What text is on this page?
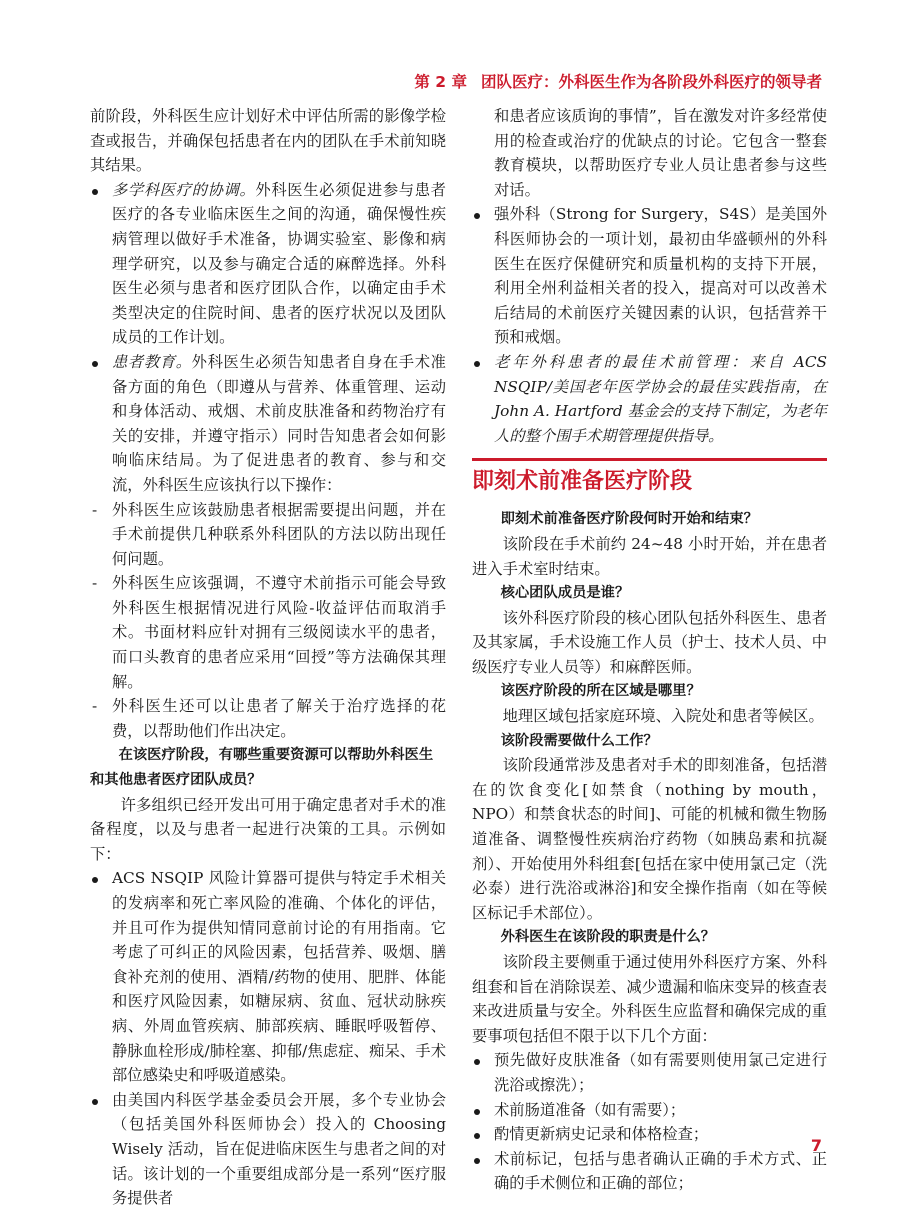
第 2 章 团队医疗：外科医生作为各阶段外科医疗的领导者

前阶段，外科医生应计划好术中评估所需的影像学检查或报告，并确保包括患者在内的团队在手术前知晓其结果。

多学科医疗的协调。外科医生必须促进参与患者医疗的各专业临床医生之间的沟通，确保慢性疾病管理以做好手术准备，协调实验室、影像和病理学研究，以及参与确定合适的麻醉选择。外科医生必须与患者和医疗团队合作，以确定由手术类型决定的住院时间、患者的医疗状况以及团队成员的工作计划。
患者教育。外科医生必须告知患者自身在手术准备方面的角色（即遵从与营养、体重管理、运动和身体活动、戒烟、术前皮肤准备和药物治疗有关的安排，并遵守指示）同时告知患者会如何影响临床结局。为了促进患者的教育、参与和交流，外科医生应该执行以下操作：
- 外科医生应该鼓励患者根据需要提出问题，并在手术前提供几种联系外科团队的方法以防出现任何问题。
- 外科医生应该强调，不遵守术前指示可能会导致外科医生根据情况进行风险-收益评估而取消手术。书面材料应针对拥有三级阅读水平的患者，而口头教育的患者应采用“回授”等方法确保其理解。
- 外科医生还可以让患者了解关于治疗选择的花费，以帮助他们作出决定。

在该医疗阶段，有哪些重要资源可以帮助外科医生和其他患者医疗团队成员？

许多组织已经开发出可用于确定患者对手术的准备程度，以及与患者一起进行决策的工具。示例如下：

ACS NSQIP 风险计算器可提供与特定手术相关的发病率和死亡率风险的准确、个体化的评估，并且可作为提供知情同意前讨论的有用指南。它考虑了可纠正的风险因素，包括营养、吸烟、膳食补充剂的使用、酒精/药物的使用、肥胖、体能和医疗风险因素，如糖尿病、贫血、冠状动脉疾病、外周血管疾病、肺部疾病、睡眠呼吸暂停、静脉血栓形成/肺栓塞、抑郁/焦虑症、痴呆、手术部位感染史和呼吸道感染。
由美国内科医学基金委员会开展，多个专业协会（包括美国外科医师协会）投入的 Choosing Wisely 活动，旨在促进临床医生与患者之间的对话。该计划的一个重要组成部分是一系列“医疗服务提供者

和患者应该质询的事情”，旨在激发对许多经常使用的检查或治疗的优缺点的讨论。它包含一整套教育模块，以帮助医疗专业人员让患者参与这些对话。

强外科（Strong for Surgery，S4S）是美国外科医师协会的一项计划，最初由华盛顿州的外科医生在医疗保健研究和质量机构的支持下开展，利用全州利益相关者的投入，提高对可以改善术后结局的术前医疗关键因素的认识，包括营养干预和戒烟。
老年外科患者的最佳术前管理：来自 ACS NSQIP/美国老年医学协会的最佳实践指南，在 John A. Hartford 基金会的支持下制定，为老年人的整个围手术期管理提供指导。
即刻术前准备医疗阶段

即刻术前准备医疗阶段何时开始和结束？

该阶段在手术前约 24~48 小时开始，并在患者进入手术室时结束。

核心团队成员是谁？

该外科医疗阶段的核心团队包括外科医生、患者及其家属，手术设施工作人员（护士、技术人员、中级医疗专业人员等）和麻醉医师。

该医疗阶段的所在区域是哪里？

地理区域包括家庭环境、入院处和患者等候区。

该阶段需要做什么工作？

该阶段通常涉及患者对手术的即刻准备，包括潜在的饮食变化[如禁食（nothing by mouth，NPO）和禁食状态的时间]、可能的机械和微生物肠道准备、调整慢性疾病治疗药物（如胰岛素和抗凝剂）、开始使用外科组套[包括在家中使用氯己定（洗必泰）进行洗浴或淋浴]和安全操作指南（如在等候区标记手术部位）。

外科医生在该阶段的职责是什么？

该阶段主要侧重于通过使用外科医疗方案、外科组套和旨在消除误差、减少遗漏和临床变异的核查表来改进质量与安全。外科医生应监督和确保完成的重要事项包括但不限于以下几个方面：

预先做好皮肤准备（如有需要则使用氯己定进行洗浴或擦洗）；
术前肠道准备（如有需要）；
酌情更新病史记录和体格检查；
术前标记，包括与患者确认正确的手术方式、正确的手术侧位和正确的部位；
7
